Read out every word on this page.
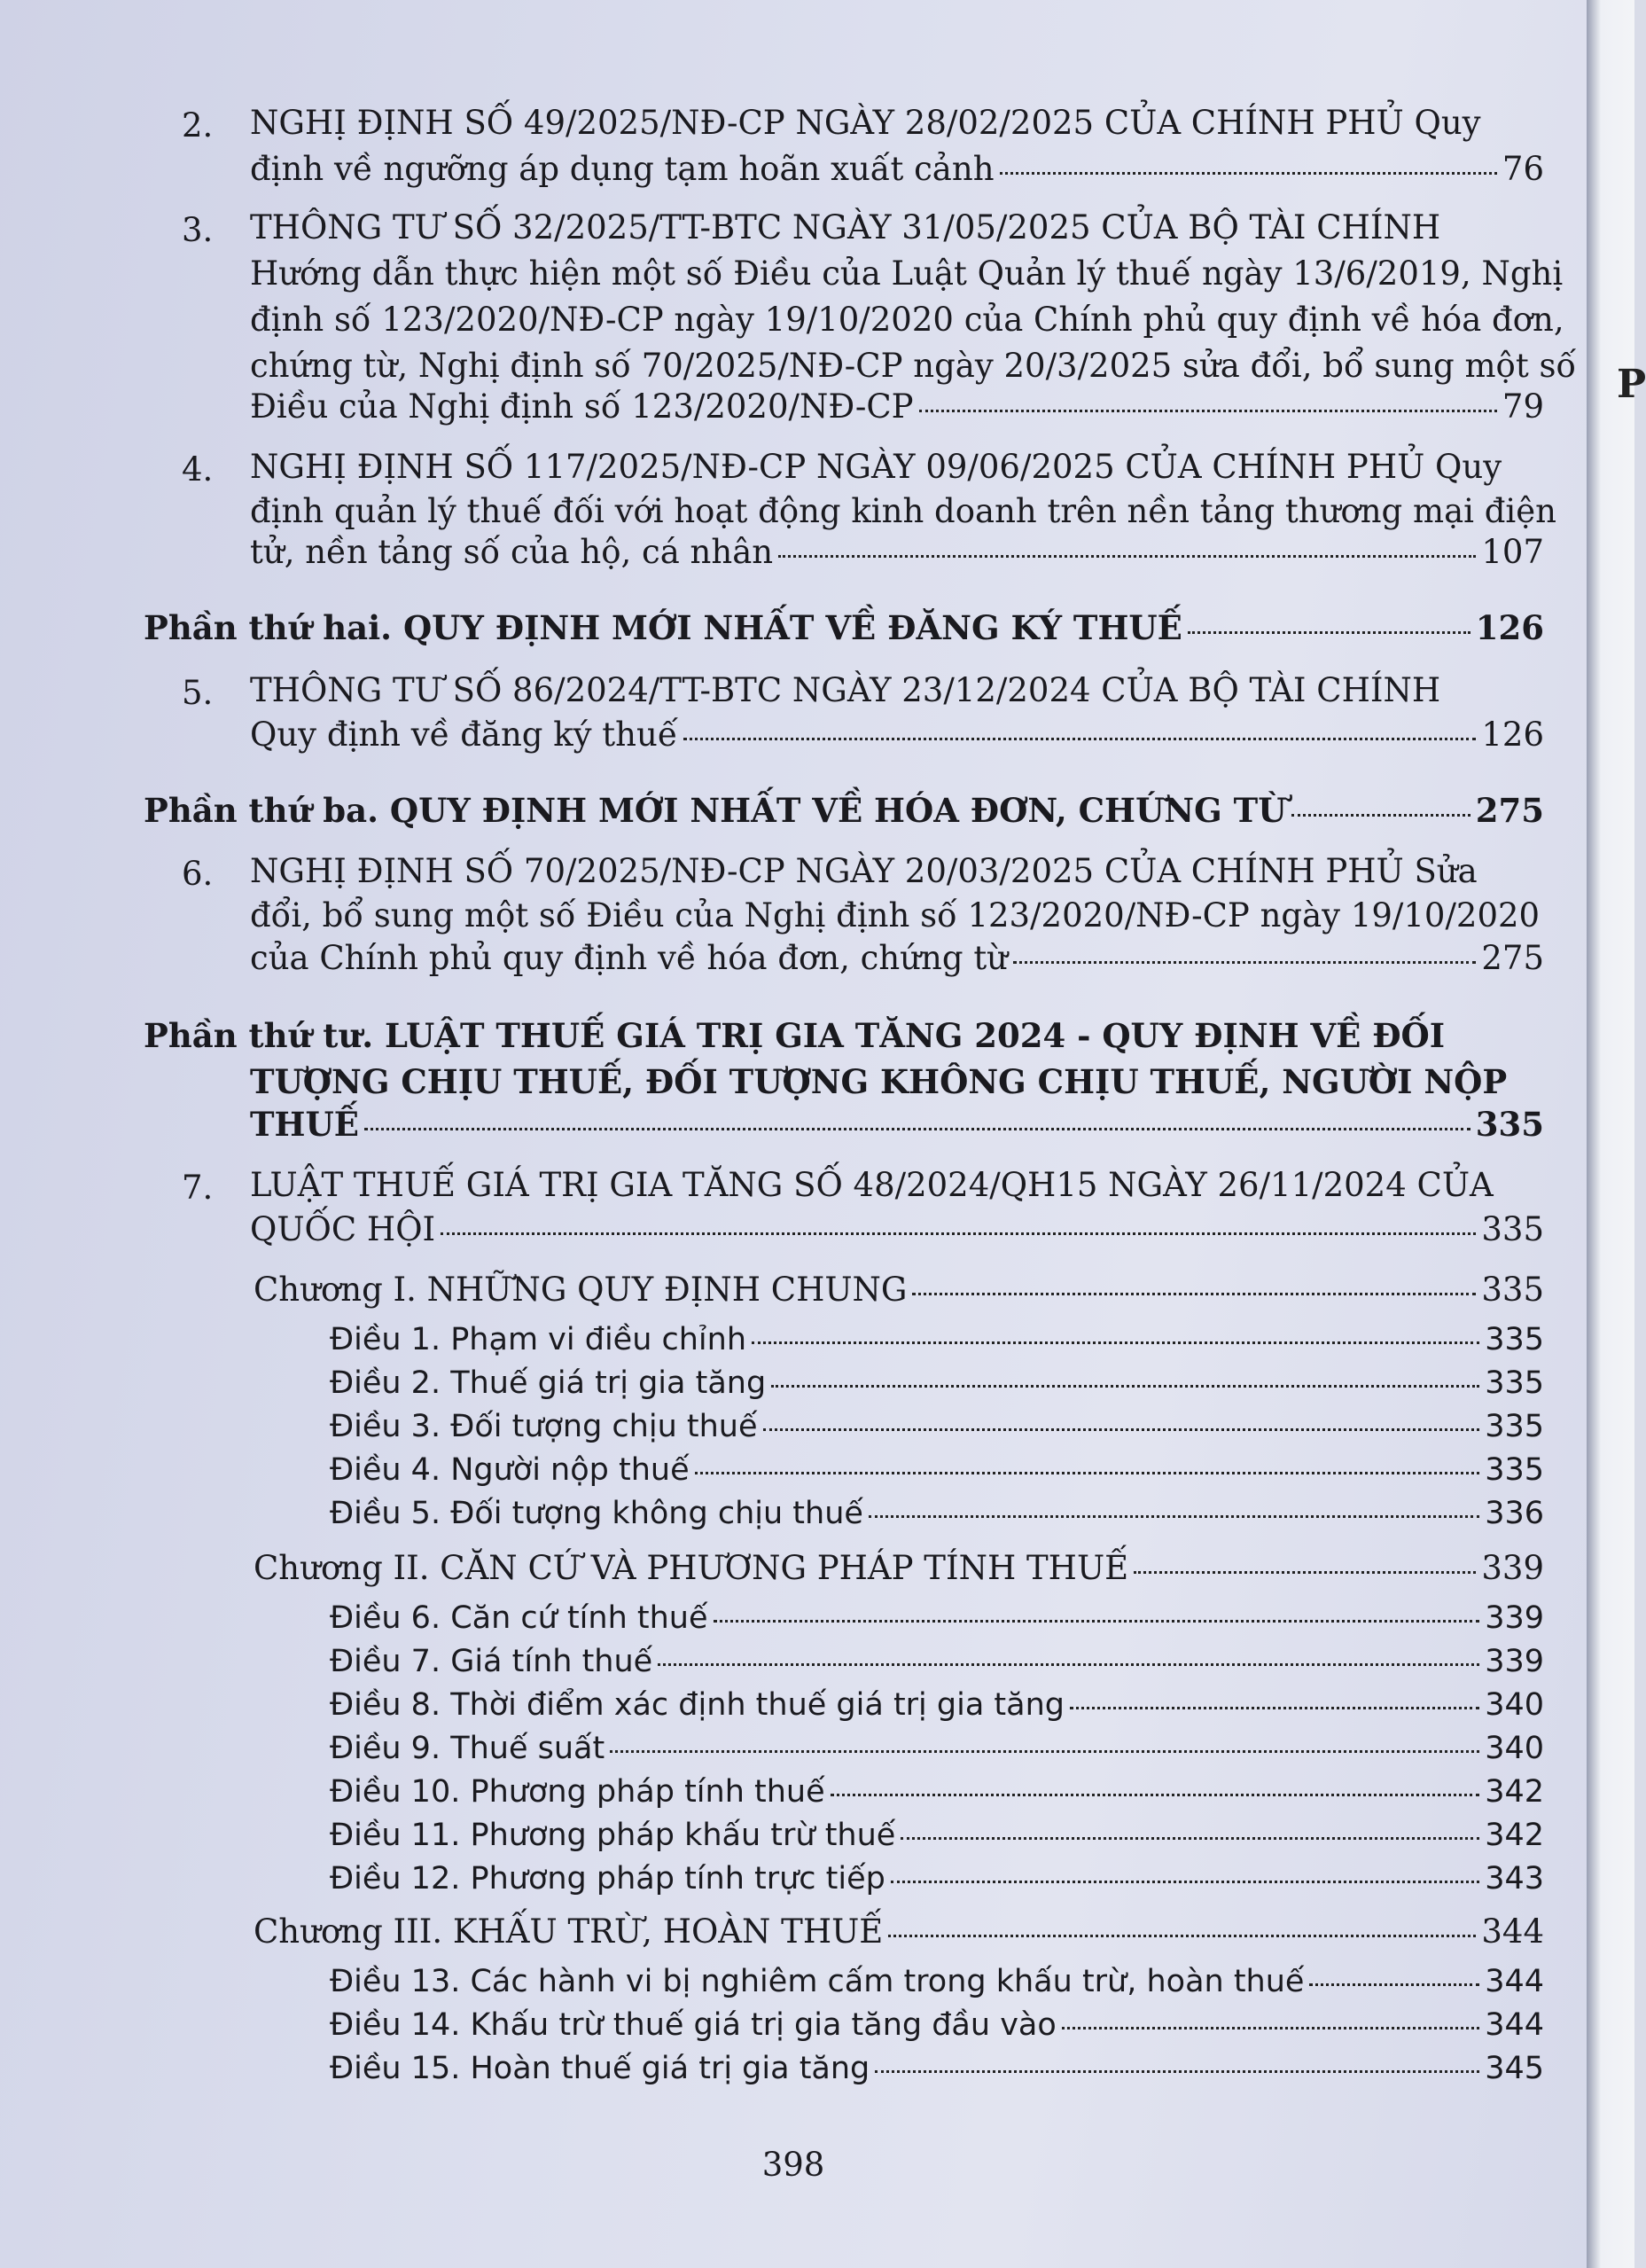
2. NGHỊ ĐỊNH SỐ 49/2025/NĐ-CP NGÀY 28/02/2025 CỦA CHÍNH PHỦ Quy
định về ngưỡng áp dụng tạm hoãn xuất cảnh	76
3. THÔNG TƯ SỐ 32/2025/TT-BTC NGÀY 31/05/2025 CỦA BỘ TÀI CHÍNH
Hướng dẫn thực hiện một số Điều của Luật Quản lý thuế ngày 13/6/2019, Nghị
định số 123/2020/NĐ-CP ngày 19/10/2020 của Chính phủ quy định về hóa đơn,
chứng từ, Nghị định số 70/2025/NĐ-CP ngày 20/3/2025 sửa đổi, bổ sung một số
Điều của Nghị định số 123/2020/NĐ-CP	79
4. NGHỊ ĐỊNH SỐ 117/2025/NĐ-CP NGÀY 09/06/2025 CỦA CHÍNH PHỦ Quy
định quản lý thuế đối với hoạt động kinh doanh trên nền tảng thương mại điện
tử, nền tảng số của hộ, cá nhân	107
Phần thứ hai. QUY ĐỊNH MỚI NHẤT VỀ ĐĂNG KÝ THUẾ	126
5. THÔNG TƯ SỐ 86/2024/TT-BTC NGÀY 23/12/2024 CỦA BỘ TÀI CHÍNH
Quy định về đăng ký thuế	126
Phần thứ ba. QUY ĐỊNH MỚI NHẤT VỀ HÓA ĐƠN, CHỨNG TỪ	275
6. NGHỊ ĐỊNH SỐ 70/2025/NĐ-CP NGÀY 20/03/2025 CỦA CHÍNH PHỦ Sửa
đổi, bổ sung một số Điều của Nghị định số 123/2020/NĐ-CP ngày 19/10/2020
của Chính phủ quy định về hóa đơn, chứng từ	275
Phần thứ tư. LUẬT THUẾ GIÁ TRỊ GIA TĂNG 2024 - QUY ĐỊNH VỀ ĐỐI
TƯỢNG CHỊU THUẾ, ĐỐI TƯỢNG KHÔNG CHỊU THUẾ, NGƯỜI NỘP
THUẾ	335
7. LUẬT THUẾ GIÁ TRỊ GIA TĂNG SỐ 48/2024/QH15 NGÀY 26/11/2024 CỦA
QUỐC HỘI	335
Chương I. NHỮNG QUY ĐỊNH CHUNG	335
Điều 1. Phạm vi điều chỉnh	335
Điều 2. Thuế giá trị gia tăng	335
Điều 3. Đối tượng chịu thuế	335
Điều 4. Người nộp thuế	335
Điều 5. Đối tượng không chịu thuế	336
Chương II. CĂN CỨ VÀ PHƯƠNG PHÁP TÍNH THUẾ	339
Điều 6. Căn cứ tính thuế	339
Điều 7. Giá tính thuế	339
Điều 8. Thời điểm xác định thuế giá trị gia tăng	340
Điều 9. Thuế suất	340
Điều 10. Phương pháp tính thuế	342
Điều 11. Phương pháp khấu trừ thuế	342
Điều 12. Phương pháp tính trực tiếp	343
Chương III. KHẤU TRỪ, HOÀN THUẾ	344
Điều 13. Các hành vi bị nghiêm cấm trong khấu trừ, hoàn thuế	344
Điều 14. Khấu trừ thuế giá trị gia tăng đầu vào	344
Điều 15. Hoàn thuế giá trị gia tăng	345
398
P
